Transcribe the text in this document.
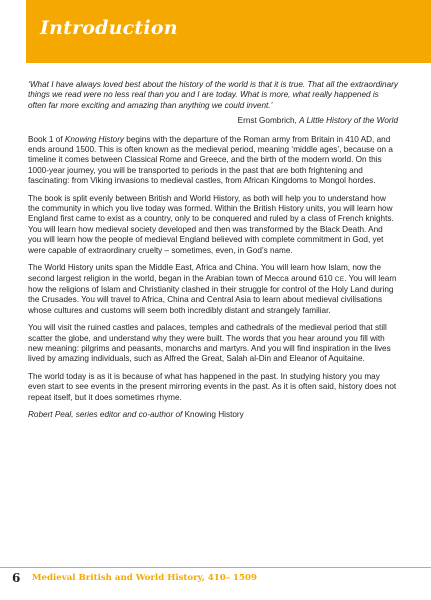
Introduction

‘What I have always loved best about the history of the world is that it is true. That all the extraordinary things we read were no less real than you and I are today. What is more, what really happened is often far more exciting and amazing than anything we could invent.’

Ernst Gombrich, A Little History of the World

Book 1 of Knowing History begins with the departure of the Roman army from Britain in 410 AD, and ends around 1500. This is often known as the medieval period, meaning ‘middle ages’, because on a timeline it comes between Classical Rome and Greece, and the birth of the modern world. On this 1000-year journey, you will be transported to periods in the past that are both frightening and fascinating: from Viking invasions to medieval castles, from African Kingdoms to Mongol hordes.

The book is split evenly between British and World History, as both will help you to understand how the community in which you live today was formed. Within the British History units, you will learn how England first came to exist as a country, only to be conquered and ruled by a class of French knights. You will learn how medieval society developed and then was transformed by the Black Death. And you will learn how the people of medieval England believed with complete commitment in God, yet were capable of extraordinary cruelty – sometimes, even, in God’s name.

The World History units span the Middle East, Africa and China. You will learn how Islam, now the second largest religion in the world, began in the Arabian town of Mecca around 610 CE. You will learn how the religions of Islam and Christianity clashed in their struggle for control of the Holy Land during the Crusades. You will travel to Africa, China and Central Asia to learn about medieval civilisations whose cultures and customs will seem both incredibly distant and strangely familiar.

You will visit the ruined castles and palaces, temples and cathedrals of the medieval period that still scatter the globe, and understand why they were built. The words that you hear around you fill with new meaning: pilgrims and peasants, monarchs and martyrs. And you will find inspiration in the lives lived by amazing individuals, such as Alfred the Great, Salah al-Din and Eleanor of Aquitaine.

The world today is as it is because of what has happened in the past. In studying history you may even start to see events in the present mirroring events in the past. As it is often said, history does not repeat itself, but it does sometimes rhyme.

Robert Peal, series editor and co-author of Knowing History

6 Medieval British and World History, 410– 1509
